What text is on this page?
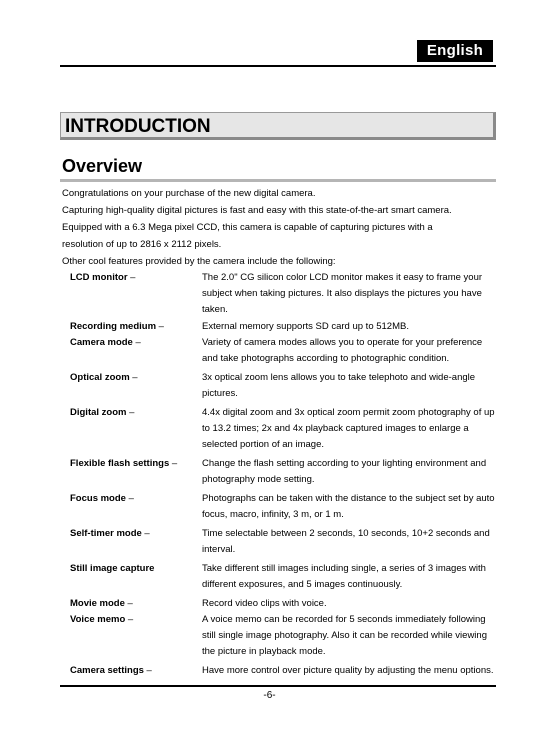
English
INTRODUCTION
Overview
Congratulations on your purchase of the new digital camera.
Capturing high-quality digital pictures is fast and easy with this state-of-the-art smart camera.
Equipped with a 6.3 Mega pixel CCD, this camera is capable of capturing pictures with a
resolution of up to 2816 x 2112 pixels.
Other cool features provided by the camera include the following:
LCD monitor –	The 2.0" CG silicon color LCD monitor makes it easy to frame your subject when taking pictures. It also displays the pictures you have taken.
Recording medium –	External memory supports SD card up to 512MB.
Camera mode –	Variety of camera modes allows you to operate for your preference and take photographs according to photographic condition.
Optical zoom –	3x optical zoom lens allows you to take telephoto and wide-angle pictures.
Digital zoom –	4.4x digital zoom and 3x optical zoom permit zoom photography of up to 13.2 times; 2x and 4x playback captured images to enlarge a selected portion of an image.
Flexible flash settings –	Change the flash setting according to your lighting environment and photography mode setting.
Focus mode –	Photographs can be taken with the distance to the subject set by auto focus, macro, infinity, 3 m, or 1 m.
Self-timer mode –	Time selectable between 2 seconds, 10 seconds, 10+2 seconds and interval.
Still image capture	Take different still images including single, a series of 3 images with different exposures, and 5 images continuously.
Movie mode –	Record video clips with voice.
Voice memo –	A voice memo can be recorded for 5 seconds immediately following still single image photography. Also it can be recorded while viewing the picture in playback mode.
Camera settings –	Have more control over picture quality by adjusting the menu options.
-6-
